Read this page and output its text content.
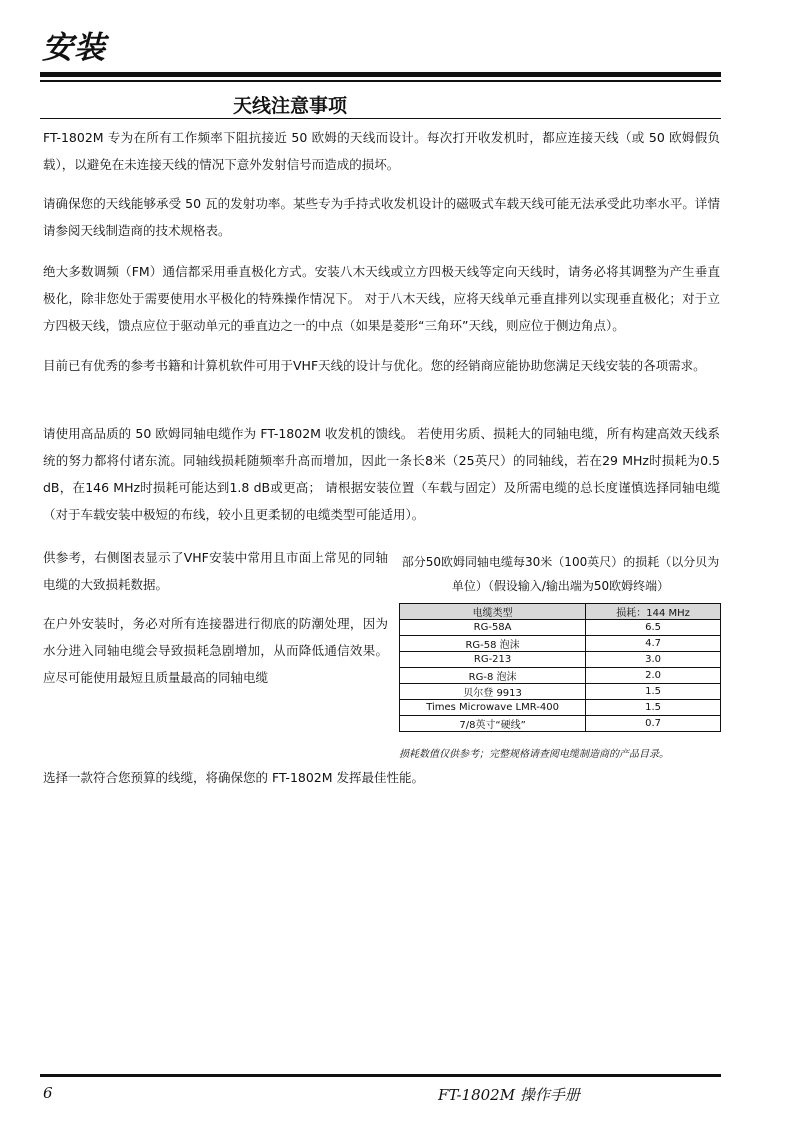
安装
天线注意事项
FT-1802M 专为在所有工作频率下阻抗接近 50 欧姆的天线而设计。每次打开收发机时，都应连接天线（或 50 欧姆假负载），以避免在未连接天线的情况下意外发射信号而造成的损坏。
请确保您的天线能够承受 50 瓦的发射功率。某些专为手持式收发机设计的磁吸式车载天线可能无法承受此功率水平。详情请参阅天线制造商的技术规格表。
绝大多数调频（FM）通信都采用垂直极化方式。安装八木天线或立方四极天线等定向天线时，请务必将其调整为产生垂直极化，除非您处于需要使用水平极化的特殊操作情况下。 对于八木天线，应将天线单元垂直排列以实现垂直极化；对于立方四极天线，馈点应位于驱动单元的垂直边之一的中点（如果是菱形“三角环”天线，则应位于侧边角点）。
目前已有优秀的参考书籍和计算机软件可用于VHF天线的设计与优化。您的经销商应能协助您满足天线安装的各项需求。
请使用高品质的 50 欧姆同轴电缆作为 FT-1802M 收发机的馈线。 若使用劣质、损耗大的同轴电缆，所有构建高效天线系统的努力都将付诸东流。同轴线损耗随频率升高而增加，因此一条长8米（25英尺）的同轴线，若在29 MHz时损耗为0.5 dB，在146 MHz时损耗可能达到1.8 dB或更高； 请根据安装位置（车载与固定）及所需电缆的总长度谨慎选择同轴电缆（对于车载安装中极短的布线，较小且更柔韧的电缆类型可能适用）。
供参考，右侧图表显示了VHF安装中常用且市面上常见的同轴电缆的大致损耗数据。
在户外安装时，务必对所有连接器进行彻底的防潮处理，因为水分进入同轴电缆会导致损耗急剧增加，从而降低通信效果。应尽可能使用最短且质量最高的同轴电缆
部分50欧姆同轴电缆每30米（100英尺）的损耗（以分贝为单位）（假设输入/输出端为50欧姆终端）
电缆类型	损耗：144 MHz
RG-58A	6.5
RG-58 泡沫	4.7
RG-213	3.0
RG-8 泡沫	2.0
贝尔登 9913	1.5
Times Microwave LMR-400	1.5
7/8英寸“硬线”	0.7
损耗数值仅供参考；完整规格请查阅电缆制造商的产品目录。
选择一款符合您预算的线缆，将确保您的 FT-1802M 发挥最佳性能。
6	FT-1802M 操作手册
